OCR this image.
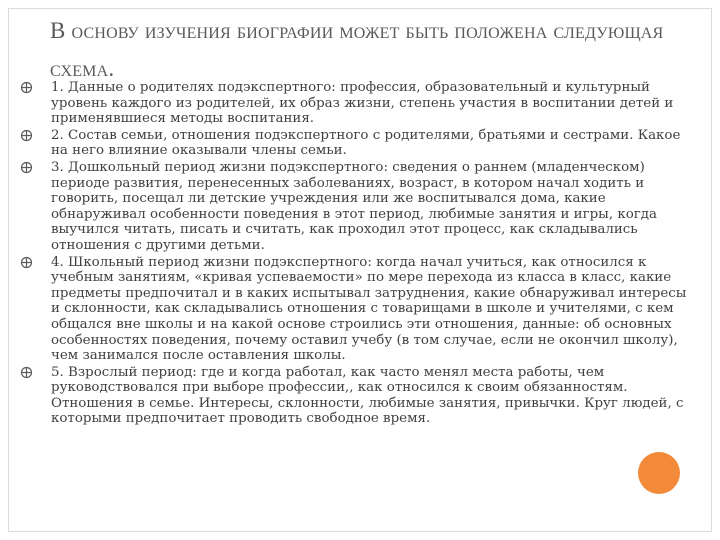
В основу изучения биографии может быть положена следующая схема.
1. Данные о родителях подэкспертного: профессия, образовательный и культурный уровень каждого из родителей, их образ жизни, степень участия в воспитании детей и применявшиеся методы воспитания.
2. Состав семьи, отношения подэкспертного с родителями, братьями и сестрами. Какое на него влияние оказывали члены семьи.
3. Дошкольный период жизни подэкспертного: сведения о раннем (младенческом) периоде развития, перенесенных заболеваниях, возраст, в котором начал ходить и говорить, посещал ли детские учреждения или же воспитывался дома, какие обнаруживал особенности поведения в этот период, любимые занятия и игры, когда выучился читать, писать и считать, как проходил этот процесс, как складывались отношения с другими детьми.
4. Школьный период жизни подэкспертного: когда начал учиться, как относился к учебным занятиям, «кривая успеваемости» по мере перехода из класса в класс, какие предметы предпочитал и в каких испытывал затруднения, какие обнаруживал интересы и склонности, как складывались отношения с товарищами в школе и учителями, с кем общался вне школы и на какой основе строились эти отношения, данные: об основных особенностях поведения, почему оставил учебу (в том случае, если не окончил школу), чем занимался после оставления школы.
5. Взрослый период: где и когда работал, как часто менял места работы, чем руководствовался при выборе профессии,, как относился к своим обязанностям. Отношения в семье. Интересы, склонности, любимые занятия, привычки. Круг людей, с которыми предпочитает проводить свободное время.
